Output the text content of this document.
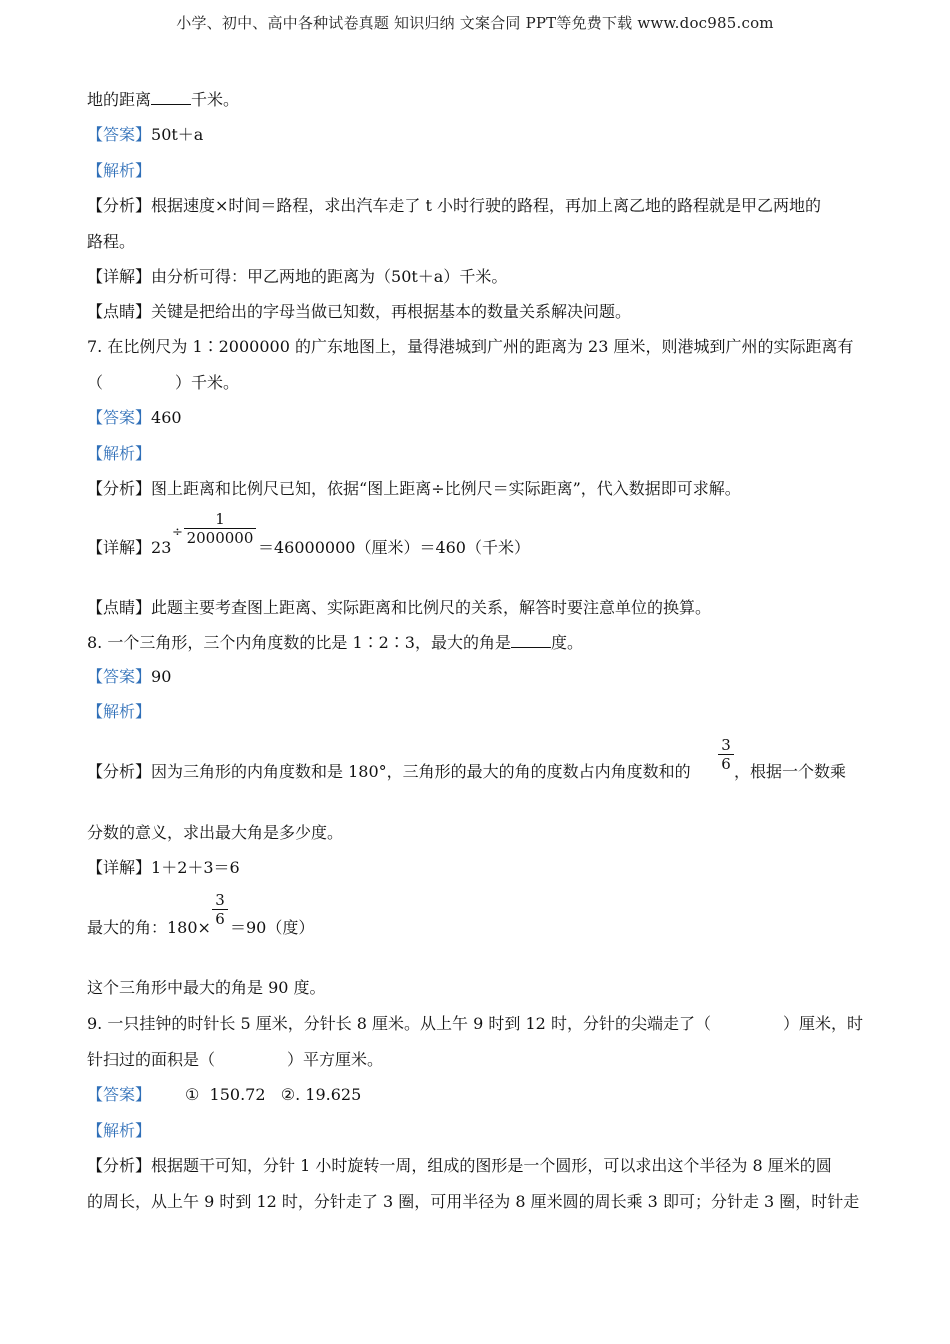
小学、初中、高中各种试卷真题 知识归纳 文案合同 PPT等免费下载 www.doc985.com
地的距离	千米。
【答案】50t＋a
【解析】
【分析】根据速度×时间＝路程，求出汽车走了 t 小时行驶的路程，再加上离乙地的路程就是甲乙两地的
路程。
【详解】由分析可得：甲乙两地的距离为（50t＋a）千米。
【点睛】关键是把给出的字母当做已知数，再根据基本的数量关系解决问题。
7. 在比例尺为 1∶2000000 的广东地图上，量得港城到广州的距离为 23 厘米，则港城到广州的实际距离有
（	）千米。
【答案】460
【解析】
【分析】图上距离和比例尺已知，依据“图上距离÷比例尺＝实际距离”，代入数据即可求解。
【详解】23
÷
1
2000000 ＝46000000（厘米）＝460（千米）
【点睛】此题主要考查图上距离、实际距离和比例尺的关系，解答时要注意单位的换算。
8. 一个三角形，三个内角度数的比是 1∶2∶3，最大的角是	度。
【答案】90
【解析】
【分析】因为三角形的内角度数和是 180°，三角形的最大的角的度数占内角度数和的
3
6 ，根据一个数乘
分数的意义，求出最大角是多少度。
【详解】1＋2＋3＝6
最大的角：180×
3
6 ＝90（度）
这个三角形中最大的角是 90 度。
9. 一只挂钟的时针长 5 厘米，分针长 8 厘米。从上午 9 时到 12 时，分针的尖端走了（	）厘米，时
针扫过的面积是（	）平方厘米。
【答案】 ①  150.72   ②. 19.625
【解析】
【分析】根据题干可知，分针 1 小时旋转一周，组成的图形是一个圆形，可以求出这个半径为 8 厘米的圆
的周长，从上午 9 时到 12 时，分针走了 3 圈，可用半径为 8 厘米圆的周长乘 3 即可；分针走 3 圈，时针走
